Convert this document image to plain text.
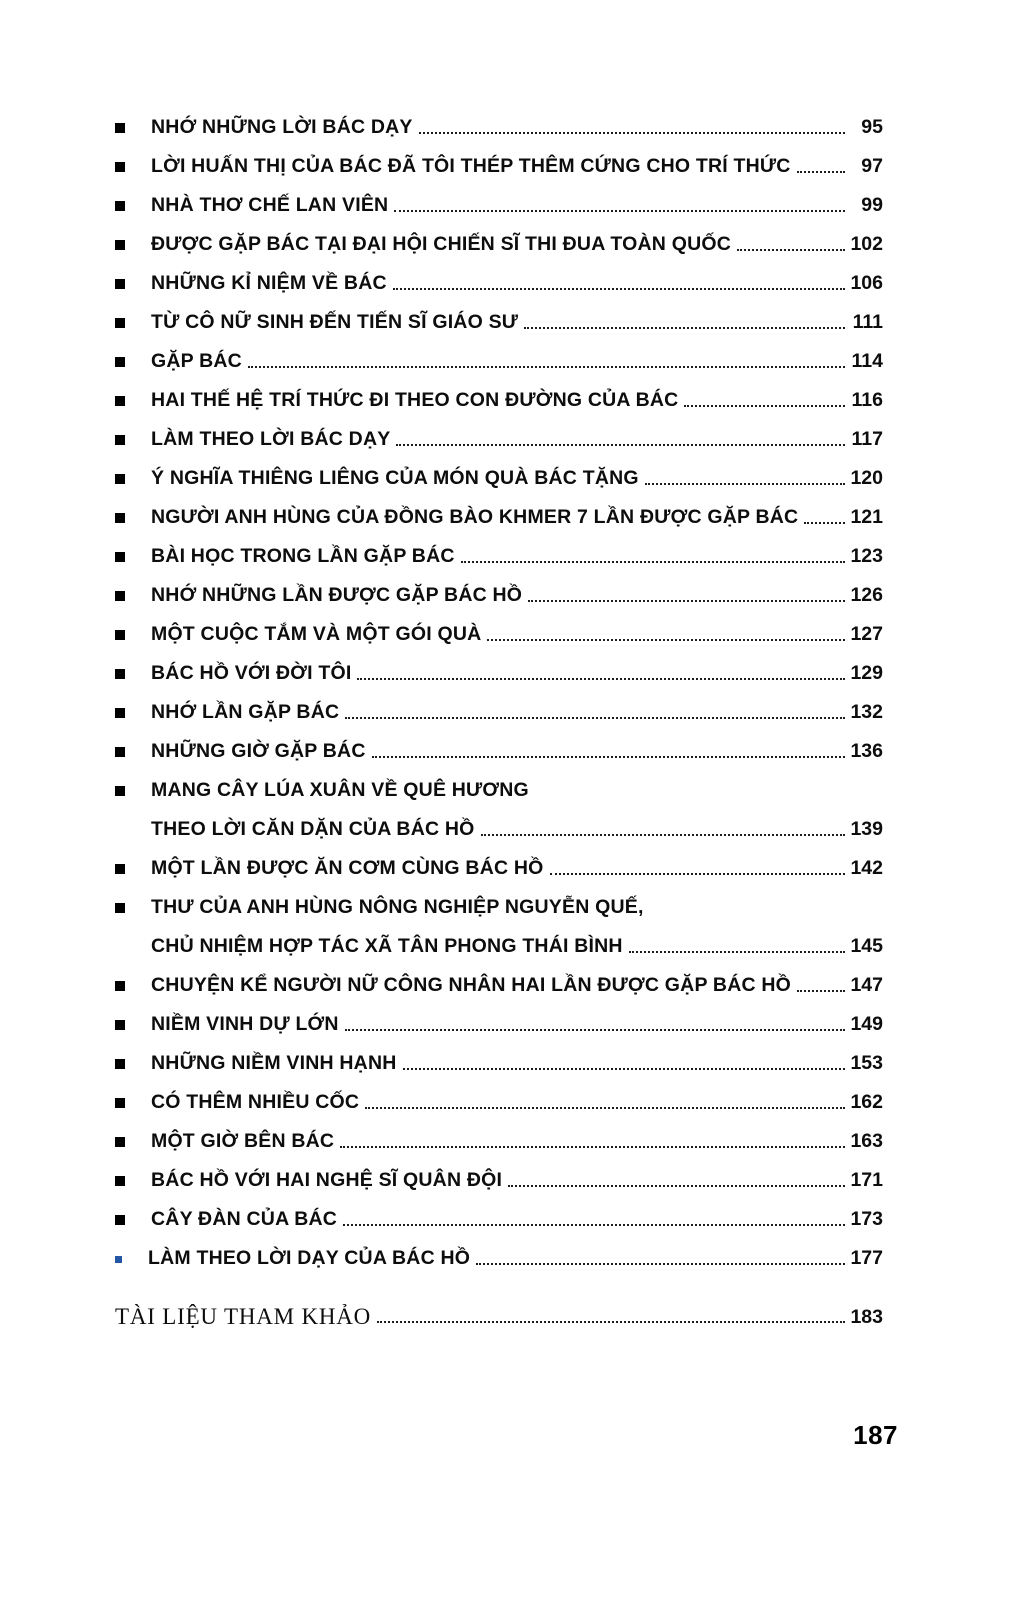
NHỚ NHỮNG LỜI BÁC DẠY	95
LỜI HUẤN THỊ CỦA BÁC ĐÃ TÔI THÉP THÊM CỨNG CHO TRÍ THỨC	97
NHÀ THƠ CHẾ LAN VIÊN	99
ĐƯỢC GẶP BÁC TẠI ĐẠI HỘI CHIẾN SĨ THI ĐUA TOÀN QUỐC	102
NHỮNG KỈ NIỆM VỀ BÁC	106
TỪ CÔ NỮ SINH ĐẾN TIẾN SĨ GIÁO SƯ	111
GẶP BÁC	114
HAI THẾ HỆ TRÍ THỨC ĐI THEO CON ĐƯỜNG CỦA BÁC	116
LÀM THEO LỜI BÁC DẠY	117
Ý NGHĨA THIÊNG LIÊNG CỦA MÓN QUÀ BÁC TẶNG	120
NGƯỜI ANH HÙNG CỦA ĐỒNG BÀO KHMER 7 LẦN ĐƯỢC GẶP BÁC	121
BÀI HỌC TRONG LẦN GẶP BÁC	123
NHỚ NHỮNG LẦN ĐƯỢC GẶP BÁC HỒ	126
MỘT CUỘC TẮM VÀ MỘT GÓI QUÀ	127
BÁC HỒ VỚI ĐỜI TÔI	129
NHỚ LẦN GẶP BÁC	132
NHỮNG GIỜ GẶP BÁC	136
MANG CÂY LÚA XUÂN VỀ QUÊ HƯƠNG
THEO LỜI CĂN DẶN CỦA BÁC HỒ	139
MỘT LẦN ĐƯỢC ĂN CƠM CÙNG BÁC HỒ	142
THƯ CỦA ANH HÙNG NÔNG NGHIỆP NGUYỄN QUẾ,
CHỦ NHIỆM HỢP TÁC XÃ TÂN PHONG THÁI BÌNH	145
CHUYỆN KỂ NGƯỜI NỮ CÔNG NHÂN HAI LẦN ĐƯỢC GẶP BÁC HỒ	147
NIỀM VINH DỰ LỚN	149
NHỮNG NIỀM VINH HẠNH	153
CÓ THÊM NHIỀU CỐC	162
MỘT GIỜ BÊN BÁC	163
BÁC HỒ VỚI HAI NGHỆ SĨ QUÂN ĐỘI	171
CÂY ĐÀN CỦA BÁC	173
LÀM THEO LỜI DẠY CỦA BÁC HỒ	177
TÀI LIỆU THAM KHẢO	183
187
